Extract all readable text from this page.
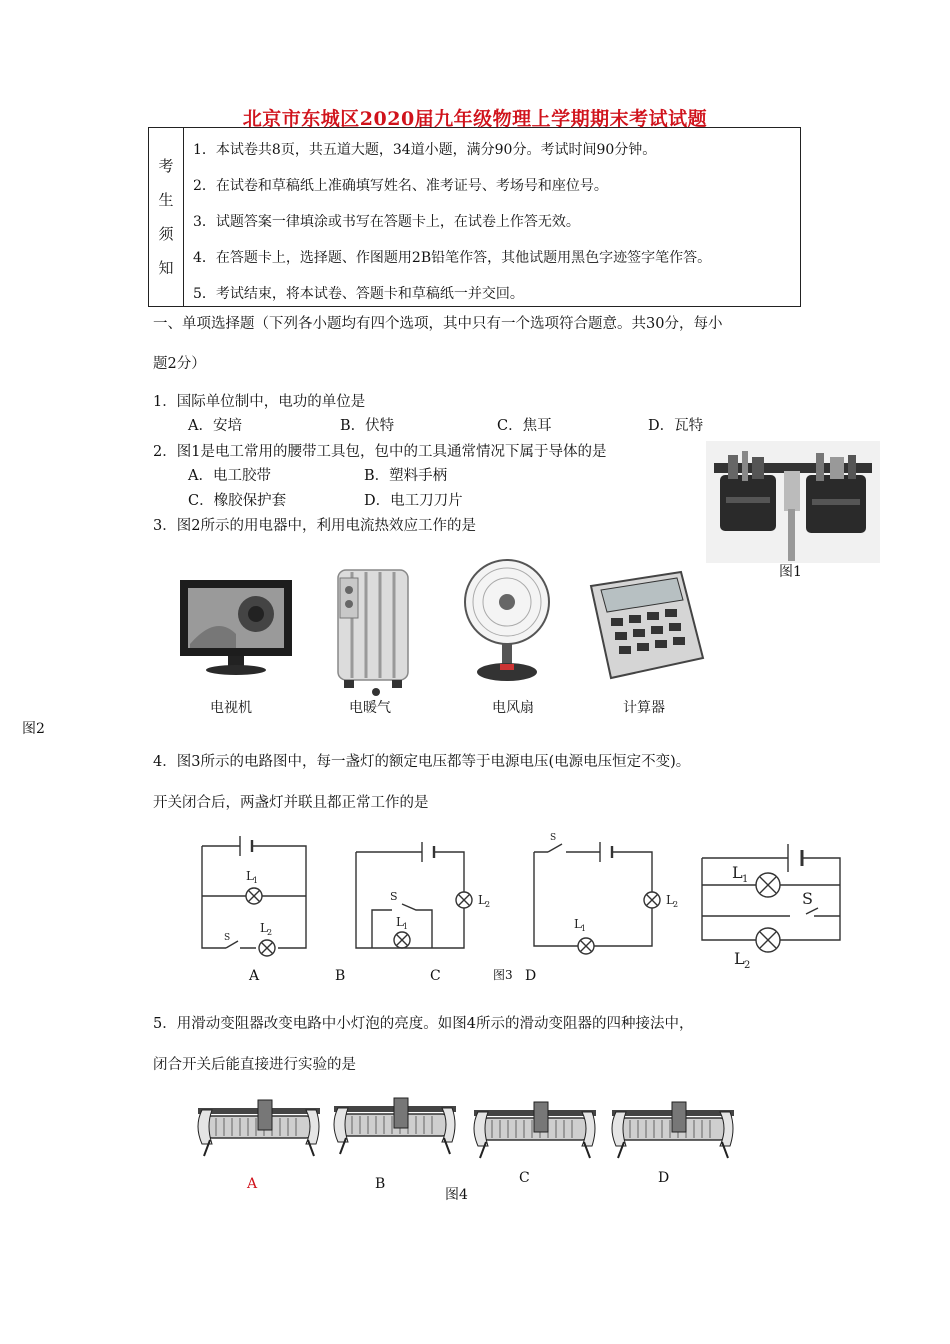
北京市东城区2020届九年级物理上学期期末考试试题
考
生
须
知
1．本试卷共8页，共五道大题，34道小题，满分90分。考试时间90分钟。
2．在试卷和草稿纸上准确填写姓名、准考证号、考场号和座位号。
3．试题答案一律填涂或书写在答题卡上，在试卷上作答无效。
4．在答题卡上，选择题、作图题用2B铅笔作答，其他试题用黑色字迹签字笔作答。
5．考试结束，将本试卷、答题卡和草稿纸一并交回。
一、单项选择题（下列各小题均有四个选项，其中只有一个选项符合题意。共30分，每小
题2分）
1．国际单位制中，电功的单位是
A．安培	B．伏特	C．焦耳	D．瓦特
2．图1是电工常用的腰带工具包，包中的工具通常情况下属于导体的是
A．电工胶带	B．塑料手柄
C．橡胶保护套	D．电工刀刀片
图1
3．图2所示的用电器中，利用电流热效应工作的是
电视机	电暖气	电风扇	计算器
图2
4．图3所示的电路图中，每一盏灯的额定电压都等于电源电压(电源电压恒定不变)。
开关闭合后，两盏灯并联且都正常工作的是
L 1
L 2
S
S
L 1
L 2
S
L 1
L 2
L 1
S
L 2
A	B	C	图3 D
5．用滑动变阻器改变电路中小灯泡的亮度。如图4所示的滑动变阻器的四种接法中，
闭合开关后能直接进行实验的是
A	B	C	D
图4
